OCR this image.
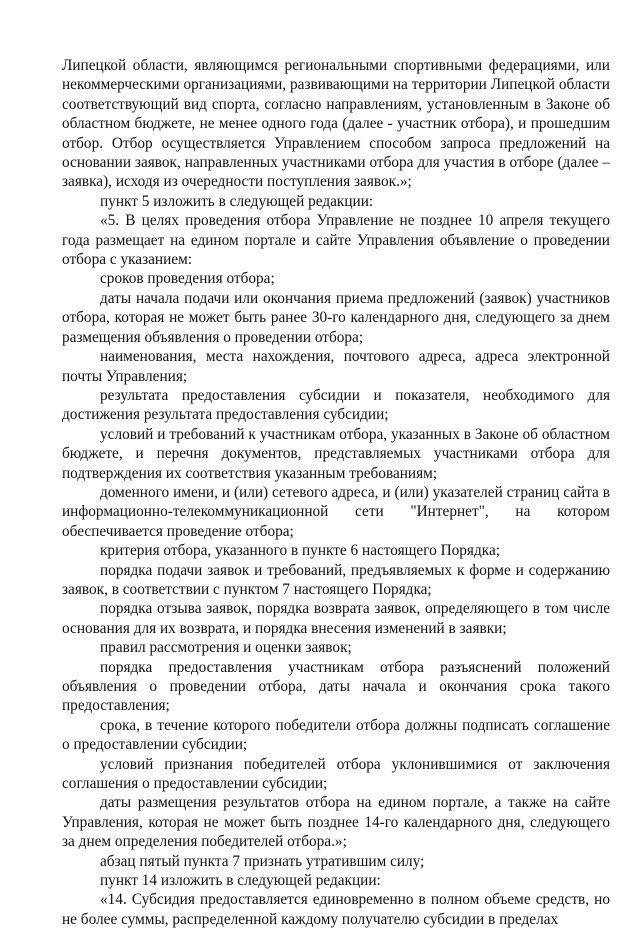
Липецкой области, являющимся региональными спортивными федерациями, или некоммерческими организациями, развивающими на территории Липецкой области соответствующий вид спорта, согласно направлениям, установленным в Законе об областном бюджете, не менее одного года (далее - участник отбора), и прошедшим отбор. Отбор осуществляется Управлением способом запроса предложений на основании заявок, направленных участниками отбора для участия в отборе (далее – заявка), исходя из очередности поступления заявок.»;

пункт 5 изложить в следующей редакции:

«5. В целях проведения отбора Управление не позднее 10 апреля текущего года размещает на едином портале и сайте Управления объявление о проведении отбора с указанием:

сроков проведения отбора;

даты начала подачи или окончания приема предложений (заявок) участников отбора, которая не может быть ранее 30-го календарного дня, следующего за днем размещения объявления о проведении отбора;

наименования, места нахождения, почтового адреса, адреса электронной почты Управления;

результата предоставления субсидии и показателя, необходимого для достижения результата предоставления субсидии;

условий и требований к участникам отбора, указанных в Законе об областном бюджете, и перечня документов, представляемых участниками отбора для подтверждения их соответствия указанным требованиям;

доменного имени, и (или) сетевого адреса, и (или) указателей страниц сайта в информационно-телекоммуникационной сети "Интернет", на котором обеспечивается проведение отбора;

критерия отбора, указанного в пункте 6 настоящего Порядка;

порядка подачи заявок и требований, предъявляемых к форме и содержанию заявок, в соответствии с пунктом 7 настоящего Порядка;

порядка отзыва заявок, порядка возврата заявок, определяющего в том числе основания для их возврата, и порядка внесения изменений в заявки;

правил рассмотрения и оценки заявок;

порядка предоставления участникам отбора разъяснений положений объявления о проведении отбора, даты начала и окончания срока такого предоставления;

срока, в течение которого победители отбора должны подписать соглашение о предоставлении субсидии;

условий признания победителей отбора уклонившимися от заключения соглашения о предоставлении субсидии;

даты размещения результатов отбора на едином портале, а также на сайте Управления, которая не может быть позднее 14-го календарного дня, следующего за днем определения победителей отбора.»;

абзац пятый пункта 7 признать утратившим силу;

пункт 14 изложить в следующей редакции:

«14. Субсидия предоставляется единовременно в полном объеме средств, но не более суммы, распределенной каждому получателю субсидии в пределах
